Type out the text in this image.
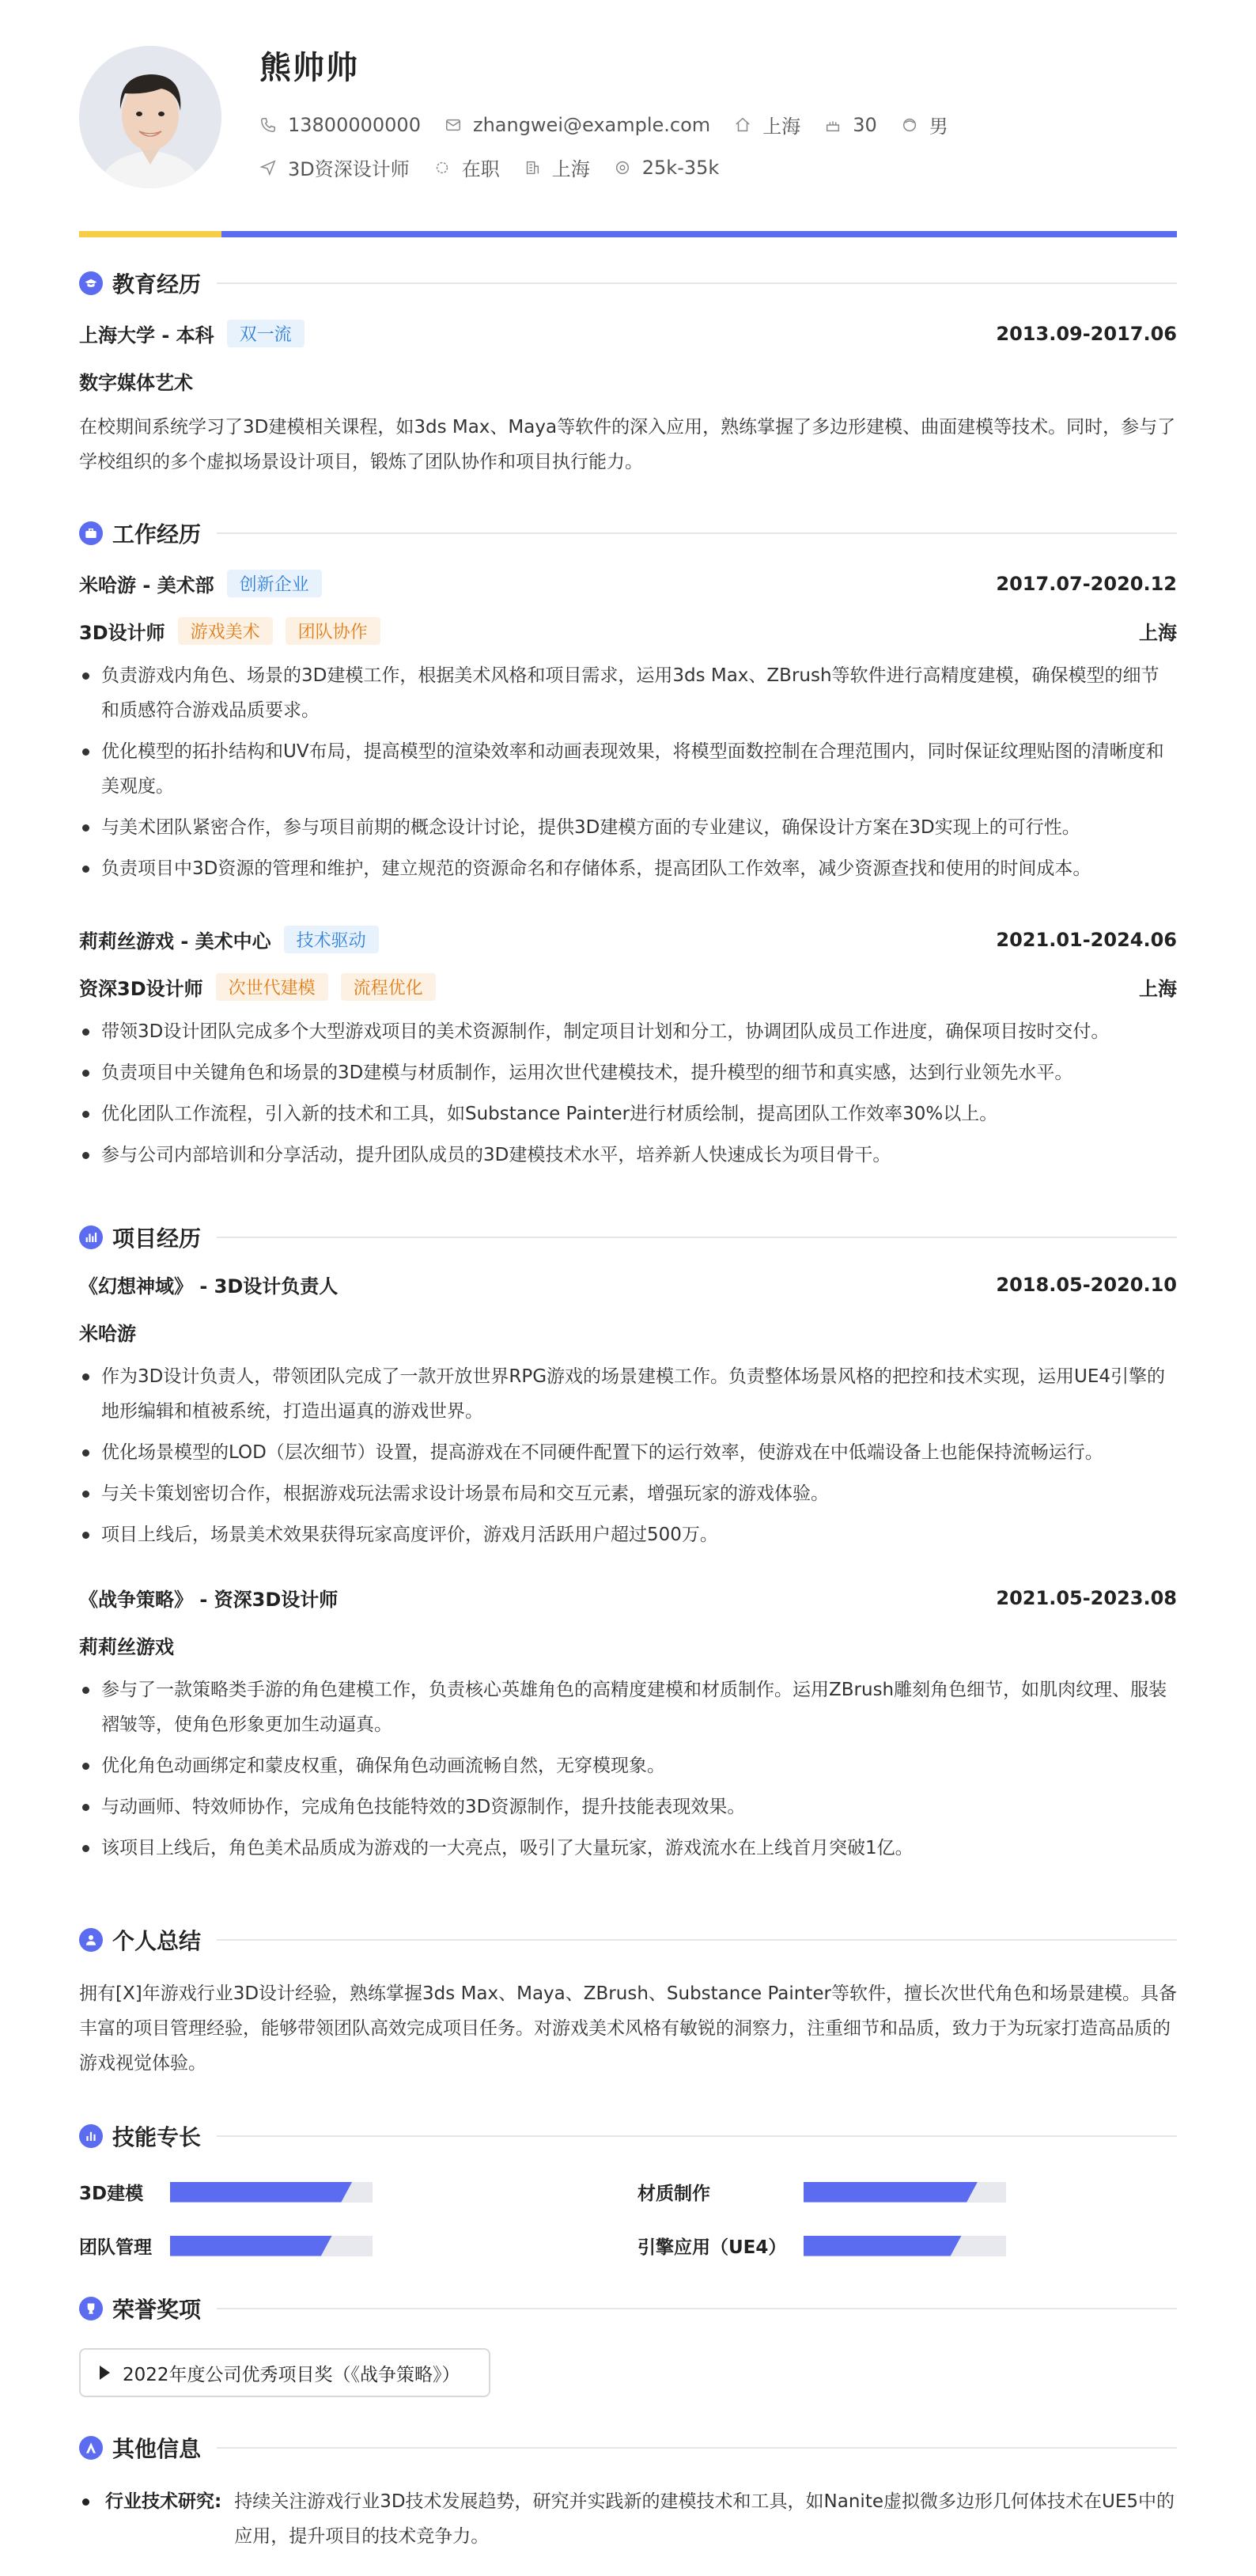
熊帅帅
13800000000	zhangwei@example.com	上海	30	男
3D资深设计师	在职	上海	25k-35k
教育经历
上海大学 - 本科	双一流	2013.09-2017.06
数字媒体艺术
在校期间系统学习了3D建模相关课程，如3ds Max、Maya等软件的深入应用，熟练掌握了多边形建模、曲面建模等技术。同时，参与了学校组织的多个虚拟场景设计项目，锻炼了团队协作和项目执行能力。
工作经历
米哈游 - 美术部	创新企业	2017.07-2020.12
3D设计师	游戏美术	团队协作	上海
负责游戏内角色、场景的3D建模工作，根据美术风格和项目需求，运用3ds Max、ZBrush等软件进行高精度建模，确保模型的细节和质感符合游戏品质要求。
优化模型的拓扑结构和UV布局，提高模型的渲染效率和动画表现效果，将模型面数控制在合理范围内，同时保证纹理贴图的清晰度和美观度。
与美术团队紧密合作，参与项目前期的概念设计讨论，提供3D建模方面的专业建议，确保设计方案在3D实现上的可行性。
负责项目中3D资源的管理和维护，建立规范的资源命名和存储体系，提高团队工作效率，减少资源查找和使用的时间成本。
莉莉丝游戏 - 美术中心	技术驱动	2021.01-2024.06
资深3D设计师	次世代建模	流程优化	上海
带领3D设计团队完成多个大型游戏项目的美术资源制作，制定项目计划和分工，协调团队成员工作进度，确保项目按时交付。
负责项目中关键角色和场景的3D建模与材质制作，运用次世代建模技术，提升模型的细节和真实感，达到行业领先水平。
优化团队工作流程，引入新的技术和工具，如Substance Painter进行材质绘制，提高团队工作效率30%以上。
参与公司内部培训和分享活动，提升团队成员的3D建模技术水平，培养新人快速成长为项目骨干。
项目经历
《幻想神域》 - 3D设计负责人	2018.05-2020.10
米哈游
作为3D设计负责人，带领团队完成了一款开放世界RPG游戏的场景建模工作。负责整体场景风格的把控和技术实现，运用UE4引擎的地形编辑和植被系统，打造出逼真的游戏世界。
优化场景模型的LOD（层次细节）设置，提高游戏在不同硬件配置下的运行效率，使游戏在中低端设备上也能保持流畅运行。
与关卡策划密切合作，根据游戏玩法需求设计场景布局和交互元素，增强玩家的游戏体验。
项目上线后，场景美术效果获得玩家高度评价，游戏月活跃用户超过500万。
《战争策略》 - 资深3D设计师	2021.05-2023.08
莉莉丝游戏
参与了一款策略类手游的角色建模工作，负责核心英雄角色的高精度建模和材质制作。运用ZBrush雕刻角色细节，如肌肉纹理、服装褶皱等，使角色形象更加生动逼真。
优化角色动画绑定和蒙皮权重，确保角色动画流畅自然，无穿模现象。
与动画师、特效师协作，完成角色技能特效的3D资源制作，提升技能表现效果。
该项目上线后，角色美术品质成为游戏的一大亮点，吸引了大量玩家，游戏流水在上线首月突破1亿。
个人总结
拥有[X]年游戏行业3D设计经验，熟练掌握3ds Max、Maya、ZBrush、Substance Painter等软件，擅长次世代角色和场景建模。具备丰富的项目管理经验，能够带领团队高效完成项目任务。对游戏美术风格有敏锐的洞察力，注重细节和品质，致力于为玩家打造高品质的游戏视觉体验。
技能专长
3D建模	材质制作
团队管理	引擎应用（UE4）
荣誉奖项
2022年度公司优秀项目奖（《战争策略》）
其他信息
行业技术研究: 持续关注游戏行业3D技术发展趋势，研究并实践新的建模技术和工具，如Nanite虚拟微多边形几何体技术在UE5中的应用，提升项目的技术竞争力。
